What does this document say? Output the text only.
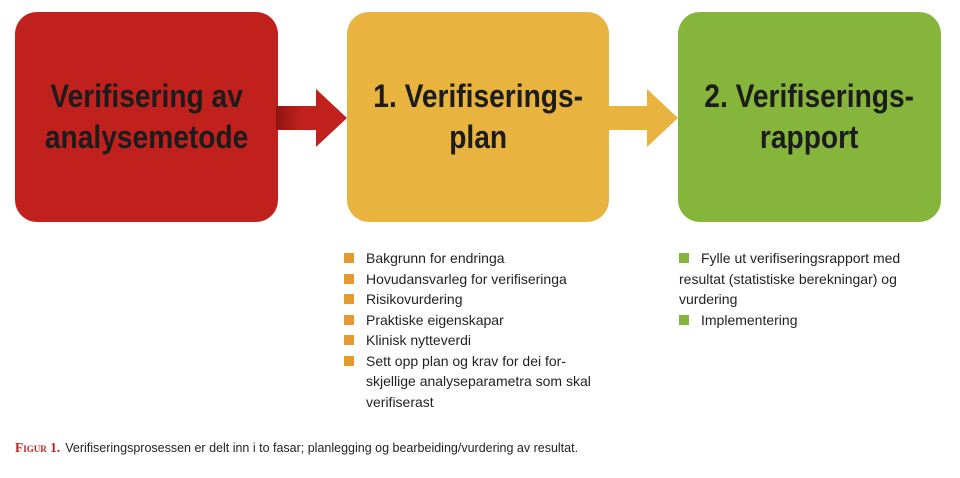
Verifisering av
analysemetode
1. Verifiserings-
plan
2. Verifiserings-
rapport
Bakgrunn for endringa
Hovudansvarleg for verifiseringa
Risikovurdering
Praktiske eigenskapar
Klinisk nytteverdi
Sett opp plan og krav for dei for-
skjellige analyseparametra som skal
verifiserast
Fylle ut verifiseringsrapport med
resultat (statistiske berekningar) og
vurdering
Implementering
Figur 1. Verifiseringsprosessen er delt inn i to fasar; planlegging og bearbeiding/vurdering av resultat.
